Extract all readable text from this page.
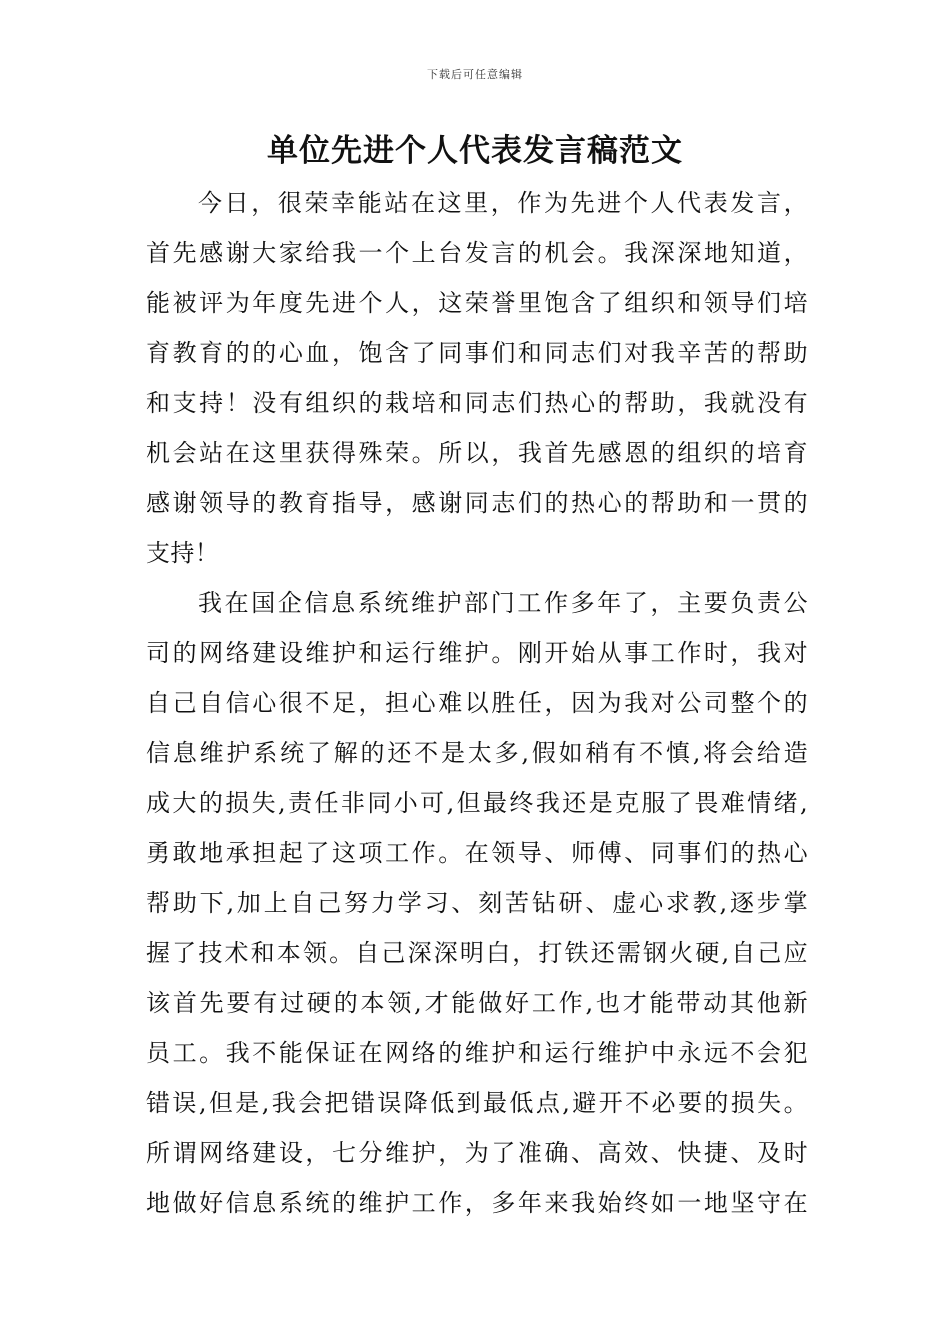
下载后可任意编辑
单位先进个人代表发言稿范文
今日，很荣幸能站在这里，作为先进个人代表发言，
首先感谢大家给我一个上台发言的机会。我深深地知道，
能被评为年度先进个人，这荣誉里饱含了组织和领导们培
育教育的的心血，饱含了同事们和同志们对我辛苦的帮助
和支持！没有组织的栽培和同志们热心的帮助，我就没有
机会站在这里获得殊荣。所以，我首先感恩的组织的培育
感谢领导的教育指导，感谢同志们的热心的帮助和一贯的
支持！
我在国企信息系统维护部门工作多年了，主要负责公
司的网络建设维护和运行维护。刚开始从事工作时，我对
自己自信心很不足，担心难以胜任，因为我对公司整个的
信息维护系统了解的还不是太多,假如稍有不慎,将会给造
成大的损失,责任非同小可,但最终我还是克服了畏难情绪,
勇敢地承担起了这项工作。在领导、师傅、同事们的热心
帮助下,加上自己努力学习、刻苦钻研、虚心求教,逐步掌
握了技术和本领。自己深深明白，打铁还需钢火硬,自己应
该首先要有过硬的本领,才能做好工作,也才能带动其他新
员工。我不能保证在网络的维护和运行维护中永远不会犯
错误,但是,我会把错误降低到最低点,避开不必要的损失。
所谓网络建设，七分维护，为了准确、高效、快捷、及时
地做好信息系统的维护工作，多年来我始终如一地坚守在
